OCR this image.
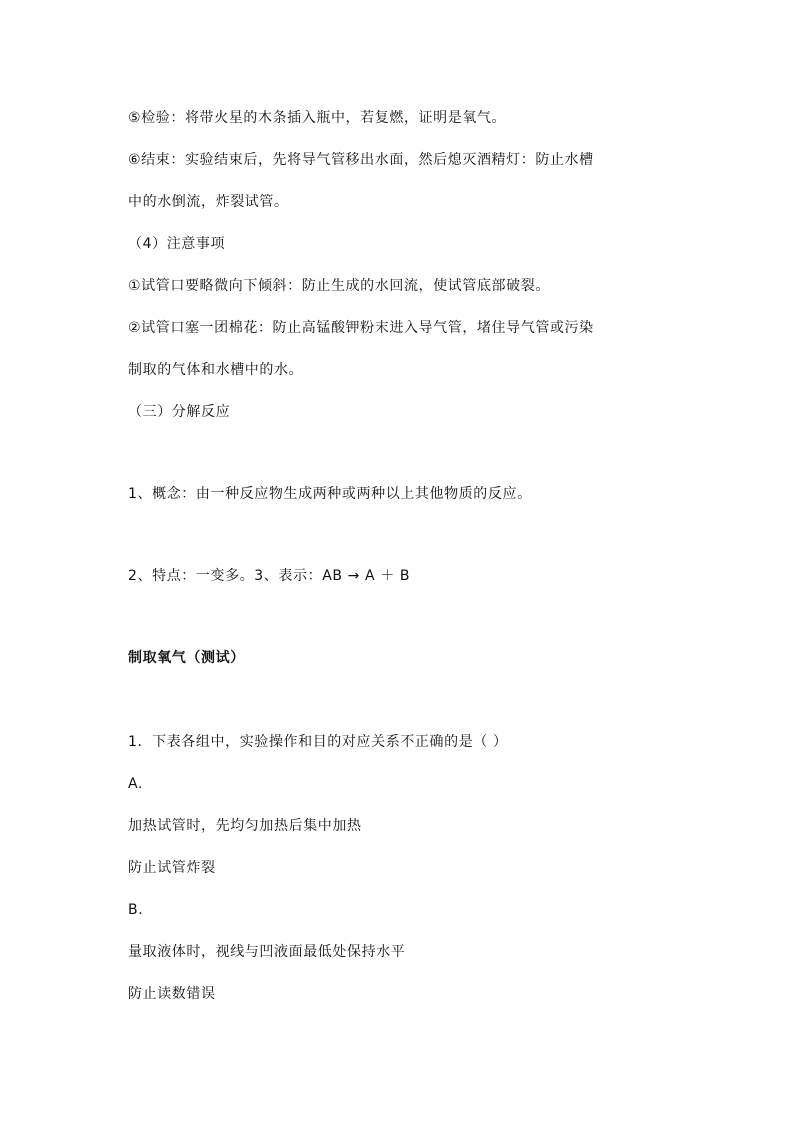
⑤检验：将带火星的木条插入瓶中，若复燃，证明是氧气。
⑥结束：实验结束后，先将导气管移出水面，然后熄灭酒精灯：防止水槽
中的水倒流，炸裂试管。
（4）注意事项
①试管口要略微向下倾斜：防止生成的水回流，使试管底部破裂。
②试管口塞一团棉花：防止高锰酸钾粉末进入导气管，堵住导气管或污染
制取的气体和水槽中的水。
（三）分解反应
1、概念：由一种反应物生成两种或两种以上其他物质的反应。
2、特点：一变多。3、表示：AB → A ＋ B
制取氧气（测试）
1．下表各组中，实验操作和目的对应关系不正确的是（ ）
A.
加热试管时，先均匀加热后集中加热
防止试管炸裂
B.
量取液体时，视线与凹液面最低处保持水平
防止读数错误
